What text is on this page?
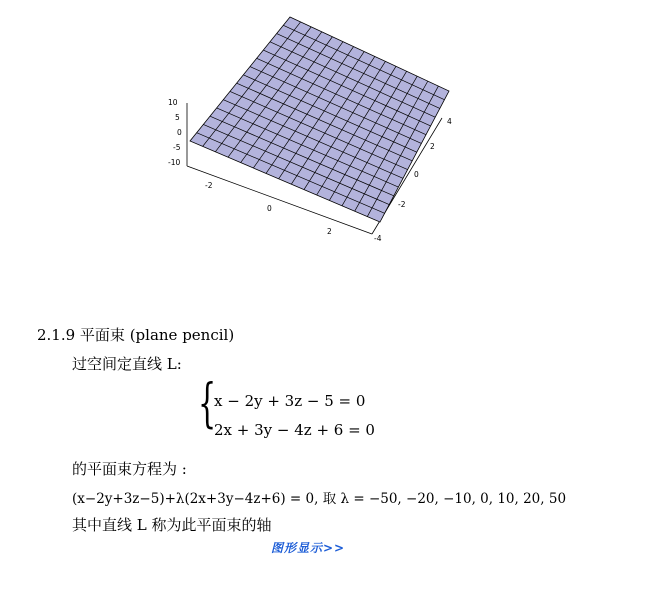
10
5
0
-5
-10
-2
0
2
-4
-2
0
2
4
2.1.9 平面束 (plane pencil)
过空间定直线 L:
{
x − 2y + 3z − 5 = 0
2x + 3y − 4z + 6 = 0
的平面束方程为 :
(x−2y+3z−5)+λ(2x+3y−4z+6) = 0, 取 λ = −50, −20, −10, 0, 10, 20, 50
其中直线 L 称为此平面束的轴
图形显示>>
